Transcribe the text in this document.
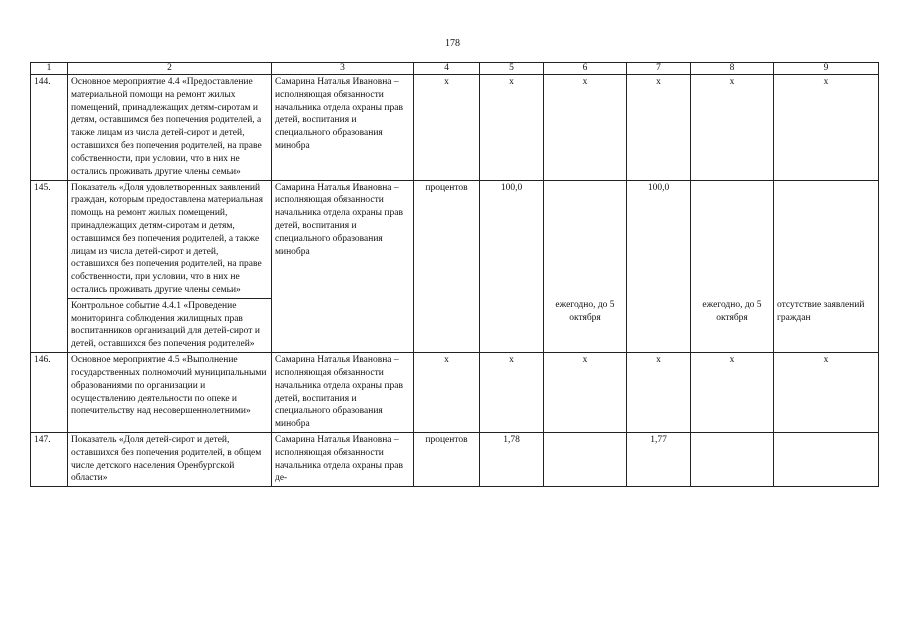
178
1	2	3	4	5	6	7	8	9
144.	Основное мероприятие 4.4 «Предоставление материальной помощи на ремонт жилых помещений, принадлежащих детям-сиротам и детям, оставшимся без попечения родителей, а также лицам из числа детей-сирот и детей, оставшихся без попечения родителей, на праве собственности, при условии, что в них не остались проживать другие члены семьи»	Самарина Наталья Ивановна – исполняющая обязанности начальника отдела охраны прав детей, воспитания и специального образования минобра	х	х	х	х	х	х
145.	Показатель «Доля удовлетворенных заявлений граждан, которым предоставлена материальная помощь на ремонт жилых помещений, принадлежащих детям-сиротам и детям, оставшимся без попечения родителей, а также лицам из числа детей-сирот и детей, оставшихся без попечения родителей, на праве собственности, при условии, что в них не остались проживать другие члены семьи»	Самарина Наталья Ивановна – исполняющая обязанности начальника отдела охраны прав детей, воспитания и специального образования минобра	процентов	100,0		100,0		
	Контрольное событие 4.4.1 «Проведение мониторинга соблюдения жилищных прав воспитанников организаций для детей-сирот и детей, оставшихся без попечения родителей»				ежегодно, до 5 октября		ежегодно, до 5 октября	отсутствие заявлений граждан
146.	Основное мероприятие 4.5 «Выполнение государственных полномочий муниципальными образованиями по организации и осуществлению деятельности по опеке и попечительству над несовершеннолетними»	Самарина Наталья Ивановна – исполняющая обязанности начальника отдела охраны прав детей, воспитания и специального образования минобра	х	х	х	х	х	х
147.	Показатель «Доля детей-сирот и детей, оставшихся без попечения родителей, в общем числе детского населения Оренбургской области»	Самарина Наталья Ивановна – исполняющая обязанности начальника отдела охраны прав де-	процентов	1,78		1,77		
